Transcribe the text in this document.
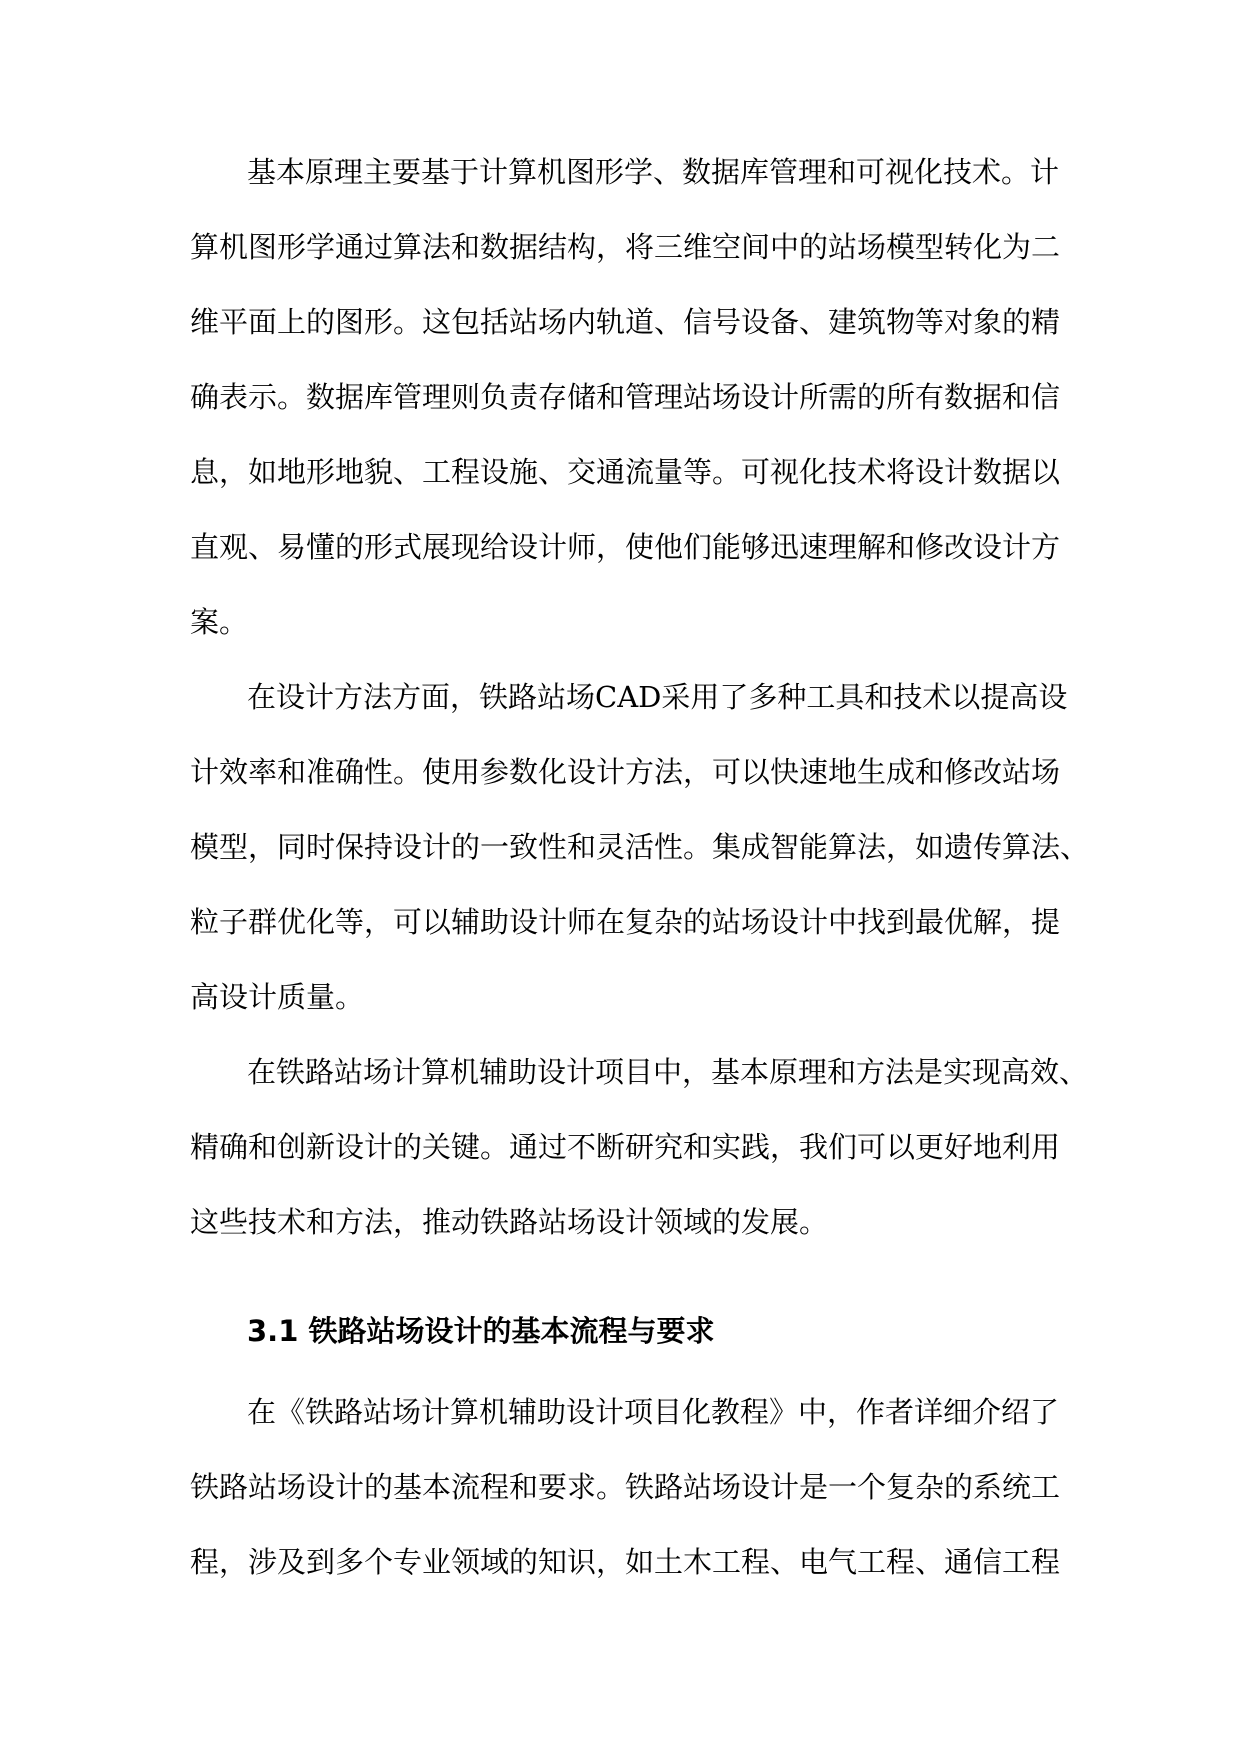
基本原理主要基于计算机图形学、数据库管理和可视化技术。计
算机图形学通过算法和数据结构，将三维空间中的站场模型转化为二
维平面上的图形。这包括站场内轨道、信号设备、建筑物等对象的精
确表示。数据库管理则负责存储和管理站场设计所需的所有数据和信
息，如地形地貌、工程设施、交通流量等。可视化技术将设计数据以
直观、易懂的形式展现给设计师，使他们能够迅速理解和修改设计方
案。
在设计方法方面，铁路站场CAD采用了多种工具和技术以提高设
计效率和准确性。使用参数化设计方法，可以快速地生成和修改站场
模型，同时保持设计的一致性和灵活性。集成智能算法，如遗传算法、
粒子群优化等，可以辅助设计师在复杂的站场设计中找到最优解，提
高设计质量。
在铁路站场计算机辅助设计项目中，基本原理和方法是实现高效、
精确和创新设计的关键。通过不断研究和实践，我们可以更好地利用
这些技术和方法，推动铁路站场设计领域的发展。
3.1 铁路站场设计的基本流程与要求
在《铁路站场计算机辅助设计项目化教程》中，作者详细介绍了
铁路站场设计的基本流程和要求。铁路站场设计是一个复杂的系统工
程，涉及到多个专业领域的知识，如土木工程、电气工程、通信工程
